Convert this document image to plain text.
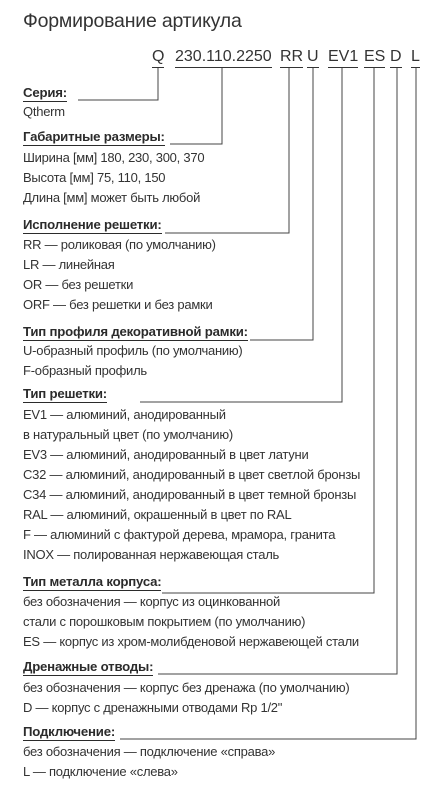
Формирование артикула
Q 230.110.2250 RR U EV1 ES D L
Серия:
Qtherm
Габаритные размеры:
Ширина [мм] 180, 230, 300, 370
Высота [мм] 75, 110, 150
Длина [мм] может быть любой
Исполнение решетки:
RR — роликовая (по умолчанию)
LR — линейная
OR — без решетки
ORF — без решетки и без рамки
Тип профиля декоративной рамки:
U-образный профиль (по умолчанию)
F-образный профиль
Тип решетки:
EV1 — алюминий, анодированный
в натуральный цвет (по умолчанию)
EV3 — алюминий, анодированный в цвет латуни
C32 — алюминий, анодированный в цвет светлой бронзы
C34 — алюминий, анодированный в цвет темной бронзы
RAL — алюминий, окрашенный в цвет по RAL
F — алюминий с фактурой дерева, мрамора, гранита
INOX — полированная нержавеющая сталь
Тип металла корпуса:
без обозначения — корпус из оцинкованной
стали с порошковым покрытием (по умолчанию)
ES — корпус из хром-молибденовой нержавеющей стали
Дренажные отводы:
без обозначения — корпус без дренажа (по умолчанию)
D — корпус с дренажными отводами Rp 1/2"
Подключение:
без обозначения — подключение «справа»
L — подключение «слева»
